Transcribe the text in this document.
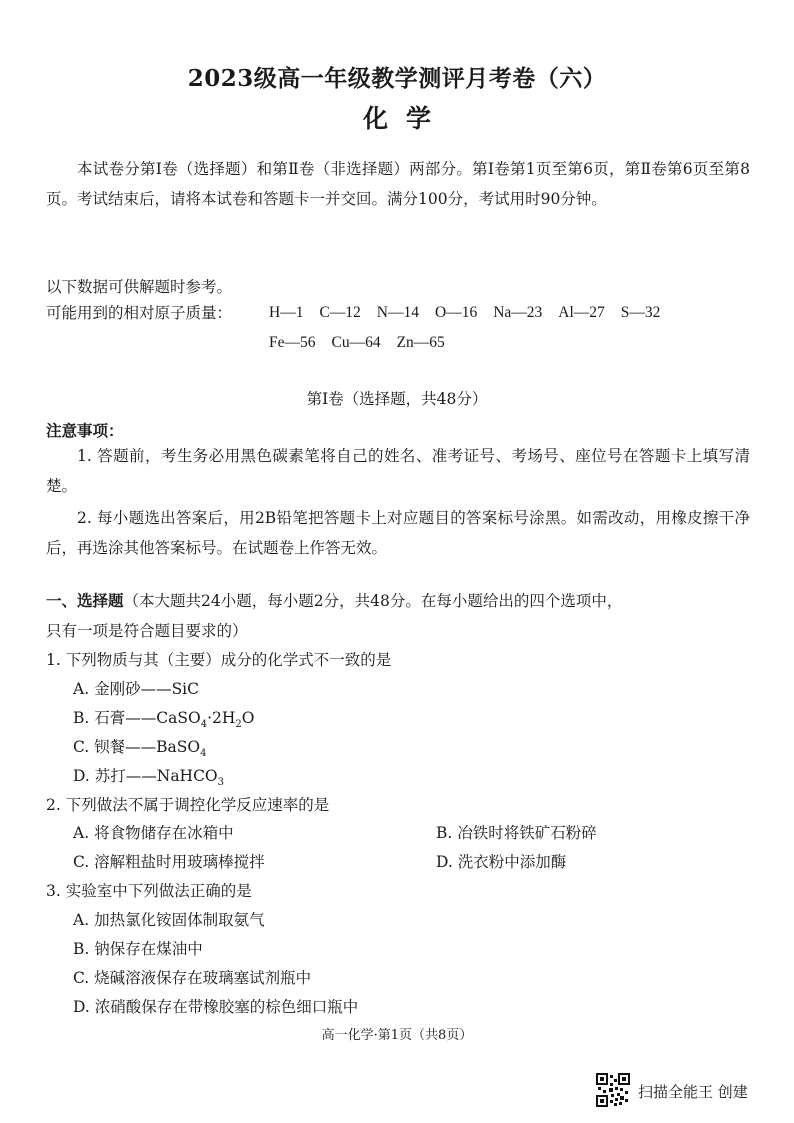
2023级高一年级教学测评月考卷（六）
化学
本试卷分第Ⅰ卷（选择题）和第Ⅱ卷（非选择题）两部分。第Ⅰ卷第1页至第6页，第Ⅱ卷第6页至第8页。考试结束后，请将本试卷和答题卡一并交回。满分100分，考试用时90分钟。
以下数据可供解题时参考。
可能用到的相对原子质量： H—1 C—12 N—14 O—16 Na—23 Al—27 S—32
Fe—56 Cu—64 Zn—65
第Ⅰ卷（选择题，共48分）
注意事项：
1. 答题前，考生务必用黑色碳素笔将自己的姓名、准考证号、考场号、座位号在答题卡上填写清楚。
2. 每小题选出答案后，用2B铅笔把答题卡上对应题目的答案标号涂黑。如需改动，用橡皮擦干净后，再选涂其他答案标号。在试题卷上作答无效。
一、选择题（本大题共24小题，每小题2分，共48分。在每小题给出的四个选项中，
只有一项是符合题目要求的）
1. 下列物质与其（主要）成分的化学式不一致的是
A. 金刚砂——SiC
B. 石膏$——CaSO_4\cdot 2H_2O$
C. 钡餐——BaSO$_4$
D. 苏打——NaHCO$_3$
2. 下列做法不属于调控化学反应速率的是
A. 将食物储存在冰箱中	B. 冶铁时将铁矿石粉碎
C. 溶解粗盐时用玻璃棒搅拌	D. 洗衣粉中添加酶
3. 实验室中下列做法正确的是
A. 加热氯化铵固体制取氨气
B. 钠保存在煤油中
C. 烧碱溶液保存在玻璃塞试剂瓶中
D. 浓硝酸保存在带橡胶塞的棕色细口瓶中
高一化学·第1页（共8页）
扫描全能王 创建
